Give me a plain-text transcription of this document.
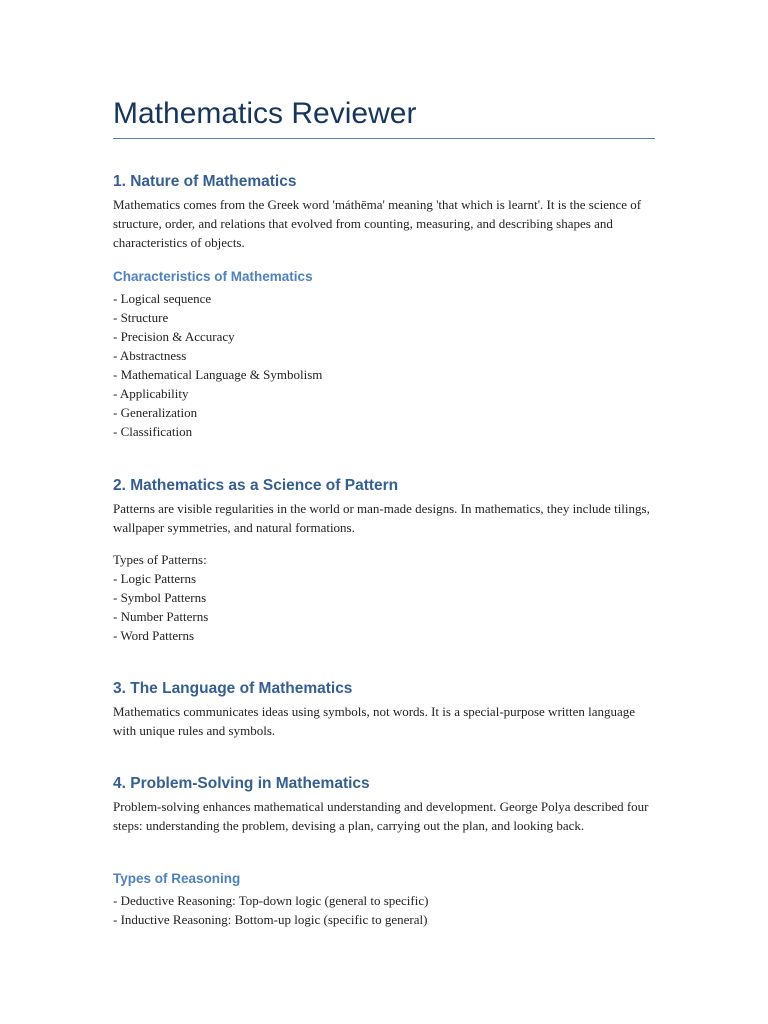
Mathematics Reviewer
1. Nature of Mathematics

Mathematics comes from the Greek word 'máthēma' meaning 'that which is learnt'. It is the science of structure, order, and relations that evolved from counting, measuring, and describing shapes and characteristics of objects.

Characteristics of Mathematics
- Logical sequence
- Structure
- Precision & Accuracy
- Abstractness
- Mathematical Language & Symbolism
- Applicability
- Generalization
- Classification
2. Mathematics as a Science of Pattern

Patterns are visible regularities in the world or man-made designs. In mathematics, they include tilings, wallpaper symmetries, and natural formations.

Types of Patterns:
- Logic Patterns
- Symbol Patterns
- Number Patterns
- Word Patterns
3. The Language of Mathematics

Mathematics communicates ideas using symbols, not words. It is a special-purpose written language with unique rules and symbols.

4. Problem-Solving in Mathematics

Problem-solving enhances mathematical understanding and development. George Polya described four steps: understanding the problem, devising a plan, carrying out the plan, and looking back.

Types of Reasoning
- Deductive Reasoning: Top-down logic (general to specific)
- Inductive Reasoning: Bottom-up logic (specific to general)
